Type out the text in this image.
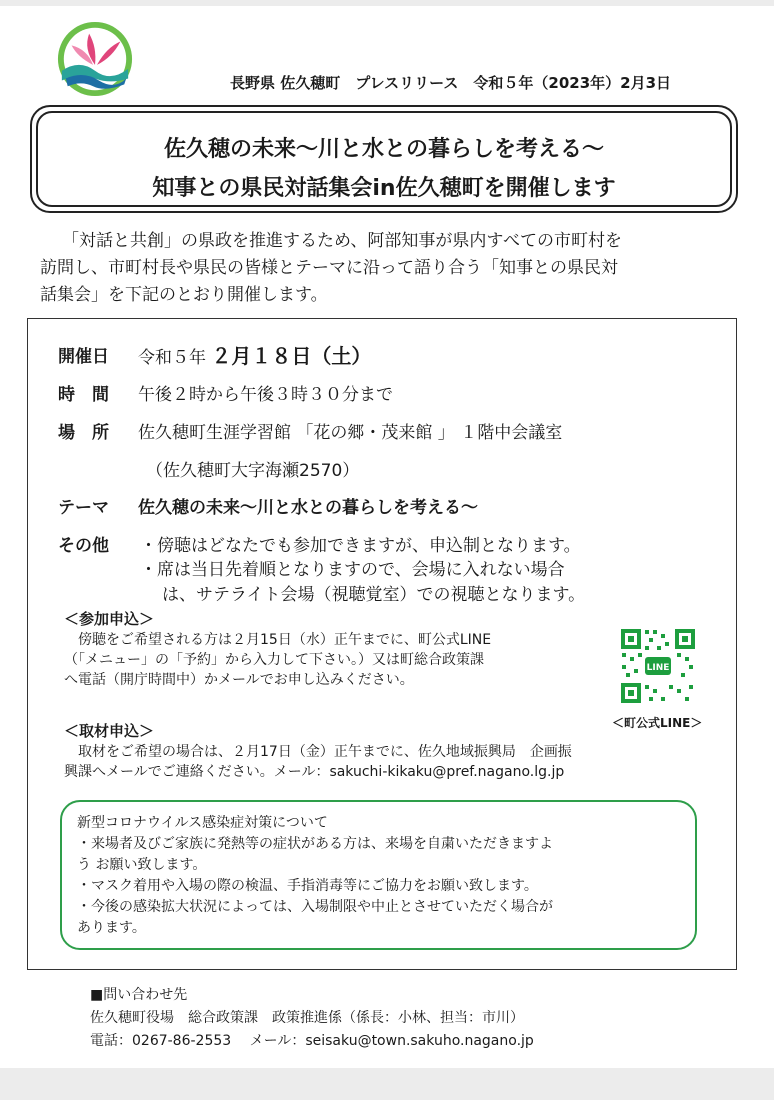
長野県 佐久穂町　プレスリリース　令和５年（2023年）2月3日
佐久穂の未来～川と水との暮らしを考える～
知事との県民対話集会in佐久穂町を開催します

「対話と共創」の県政を推進するため、阿部知事が県内すべての市町村を

訪問し、市町村長や県民の皆様とテーマに沿って語り合う「知事との県民対

話集会」を下記のとおり開催します。

開催日 令和５年 ２月１８日（土）
時　間 午後２時から午後３時３０分まで
場　所 佐久穂町生涯学習館 「花の郷・茂来館 」 １階中会議室
（佐久穂町大字海瀬2570）
テーマ 佐久穂の未来～川と水との暮らしを考える～
その他 ・傍聴はどなたでも参加できますが、申込制となります。
・席は当日先着順となりますので、会場に入れない場合
は、サテライト会場（視聴覚室）での視聴となります。
＜参加申込＞

傍聴をご希望される方は２月15日（水）正午までに、町公式LINE

（「メニュー」の「予約」から入力して下さい。）又は町総合政策課

へ電話（開庁時間中）かメールでお申し込みください。

LINE
＜町公式LINE＞
＜取材申込＞

取材をご希望の場合は、２月17日（金）正午までに、佐久地域振興局　企画振

興課へメールでご連絡ください。メール：sakuchi-kikaku@pref.nagano.lg.jp

新型コロナウイルス感染症対策について

・来場者及びご家族に発熱等の症状がある方は、来場を自粛いただきますよ

う お願い致します。

・マスク着用や入場の際の検温、手指消毒等にご協力をお願い致します。

・今後の感染拡大状況によっては、入場制限や中止とさせていただく場合が

あります。

■問い合わせ先

佐久穂町役場　総合政策課　政策推進係（係長：小林、担当：市川）

電話：0267-86-2553　 メール：seisaku@town.sakuho.nagano.jp
